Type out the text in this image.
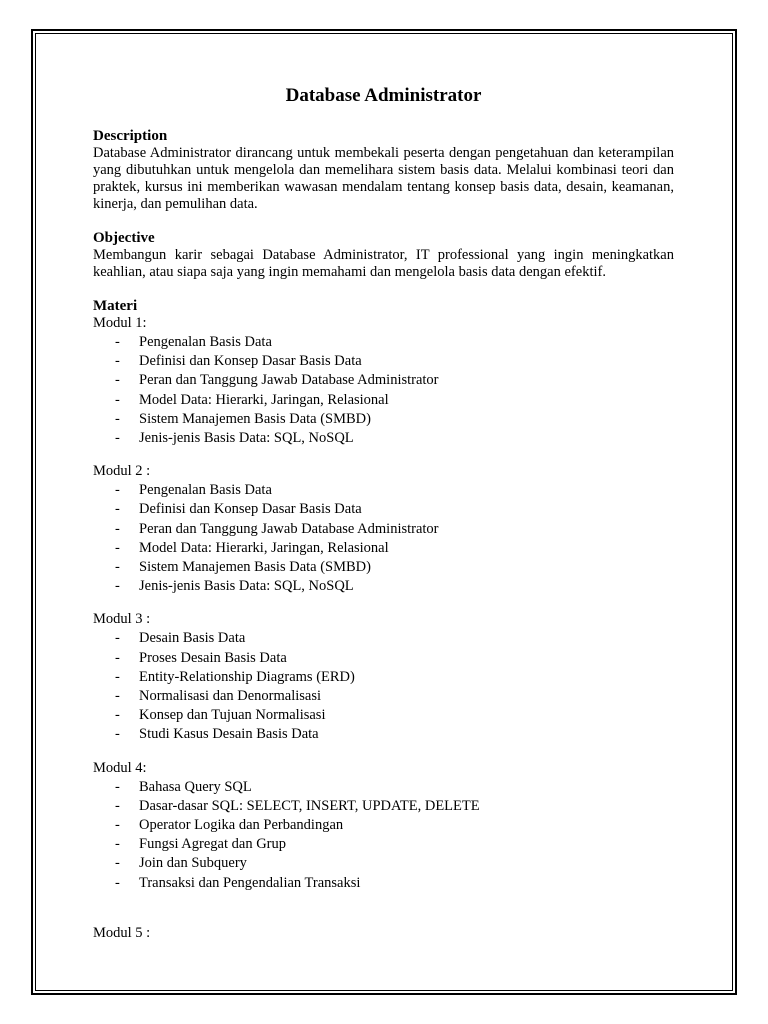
Database Administrator

Description

Database Administrator dirancang untuk membekali peserta dengan pengetahuan dan keterampilan yang dibutuhkan untuk mengelola dan memelihara sistem basis data. Melalui kombinasi teori dan praktek, kursus ini memberikan wawasan mendalam tentang konsep basis data, desain, keamanan, kinerja, dan pemulihan data.

Objective

Membangun karir sebagai Database Administrator, IT professional yang ingin meningkatkan keahlian, atau siapa saja yang ingin memahami dan mengelola basis data dengan efektif.

Materi

Modul 1:

- Pengenalan Basis Data
- Definisi dan Konsep Dasar Basis Data
- Peran dan Tanggung Jawab Database Administrator
- Model Data: Hierarki, Jaringan, Relasional
- Sistem Manajemen Basis Data (SMBD)
- Jenis-jenis Basis Data: SQL, NoSQL

Modul 2 :

- Pengenalan Basis Data
- Definisi dan Konsep Dasar Basis Data
- Peran dan Tanggung Jawab Database Administrator
- Model Data: Hierarki, Jaringan, Relasional
- Sistem Manajemen Basis Data (SMBD)
- Jenis-jenis Basis Data: SQL, NoSQL

Modul 3 :

- Desain Basis Data
- Proses Desain Basis Data
- Entity-Relationship Diagrams (ERD)
- Normalisasi dan Denormalisasi
- Konsep dan Tujuan Normalisasi
- Studi Kasus Desain Basis Data

Modul 4:

- Bahasa Query SQL
- Dasar-dasar SQL: SELECT, INSERT, UPDATE, DELETE
- Operator Logika dan Perbandingan
- Fungsi Agregat dan Grup
- Join dan Subquery
- Transaksi dan Pengendalian Transaksi

Modul 5 :
